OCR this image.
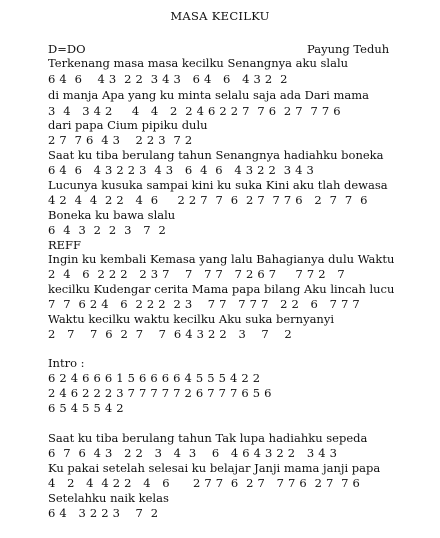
MASA KECILKU
D=DO	Payung Teduh
Terkenang masa masa kecilku Senangnya aku slalu
6 4  6    4 3  2 2  3 4 3   6 4   6   4 3 2  2
di manja Apa yang ku minta selalu saja ada Dari mama
3  4   3 4 2     4   4   2  2 4 6 2 2 7  7 6  2 7  7 7 6
dari papa Cium pipiku dulu
2 7  7 6  4 3    2 2 3  7 2
Saat ku tiba berulang tahun Senangnya hadiahku boneka
6 4  6   4 3 2 2 3  4 3   6  4  6   4 3 2 2  3 4 3
Lucunya kusuka sampai kini ku suka Kini aku tlah dewasa
4 2  4  4  2 2   4  6     2 2 7  7  6  2 7  7 7 6   2  7  7  6
Boneka ku bawa slalu
6  4  3  2  2  3   7  2
REFF
Ingin ku kembali Kemasa yang lalu Bahagianya dulu Waktu
2  4   6  2 2 2   2 3 7    7   7 7   7 2 6 7     7 7 2   7
kecilku Kudengar cerita Mama papa bilang Aku lincah lucu
7  7  6 2 4   6  2 2 2  2 3    7 7   7 7 7   2 2   6   7 7 7
Waktu kecilku waktu kecilku Aku suka bernyanyi
2   7    7  6  2  7    7  6 4 3 2 2   3    7    2

Intro :
6 2 4 6 6 6 1 5 6 6 6 6 4 5 5 5 4 2 2
2 4 6 2 2 2 3 7 7 7 7 7 2 6 7 7 7 6 5 6
6 5 4 5 5 4 2

Saat ku tiba berulang tahun Tak lupa hadiahku sepeda
6  7  6  4 3   2 2   3   4  3    6   4 6 4 3 2 2   3 4 3
Ku pakai setelah selesai ku belajar Janji mama janji papa
4   2   4  4 2 2   4   6      2 7 7  6  2 7   7 7 6  2 7  7 6
Setelahku naik kelas
6 4   3 2 2 3    7  2
